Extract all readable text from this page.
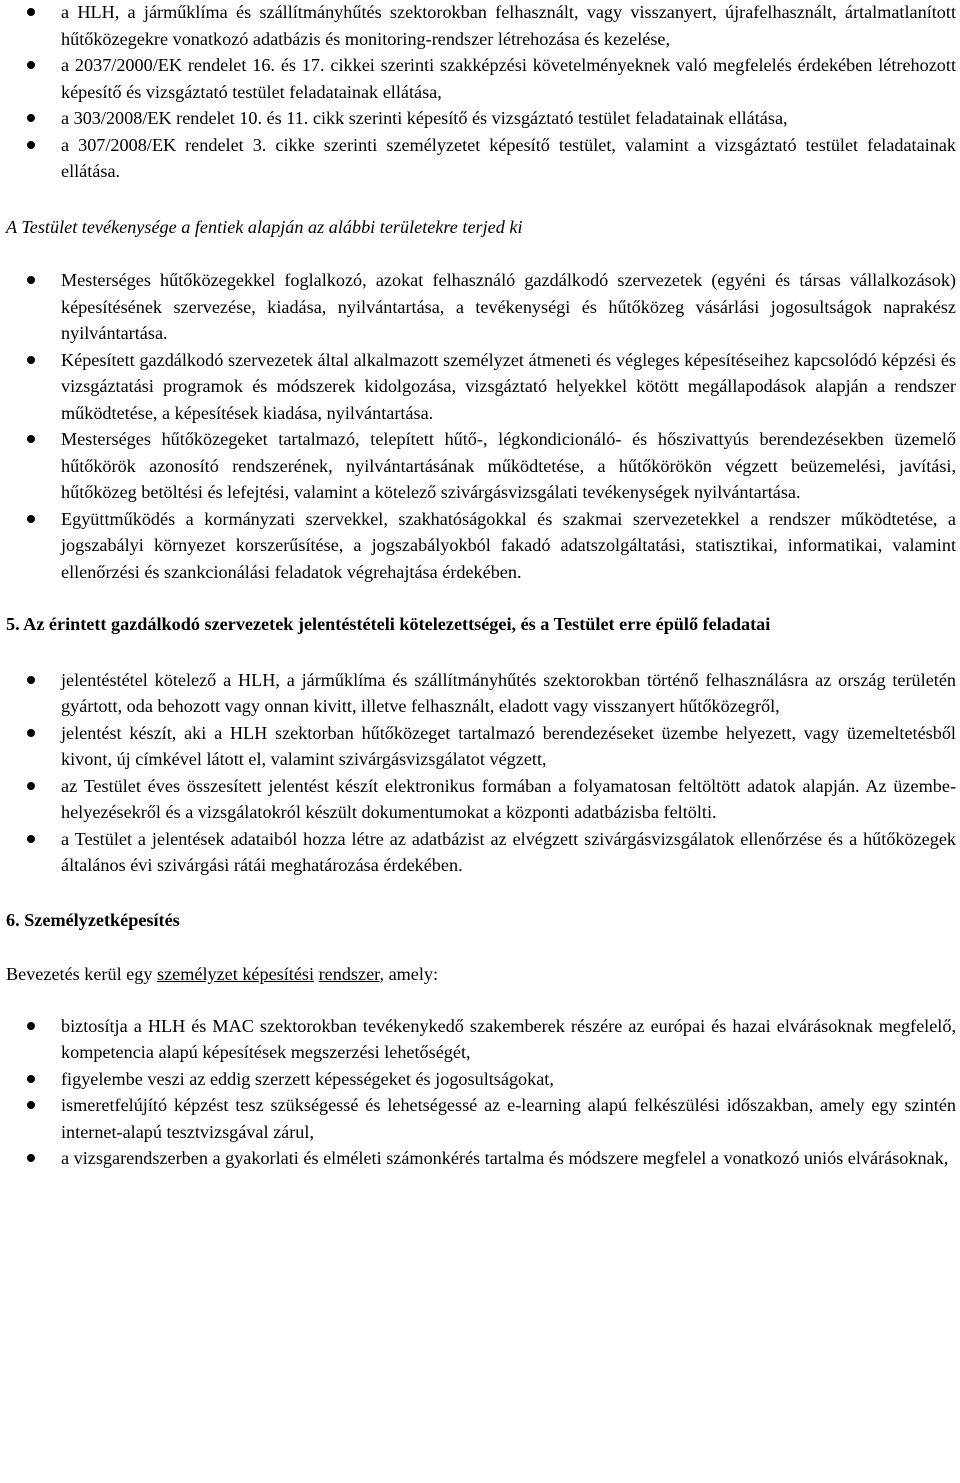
a HLH, a járműklíma és szállítmányhűtés szektorokban felhasznált, vagy visszanyert, újrafelhasznált, ártalmatlanított hűtőközegekre vonatkozó adatbázis és monitoring-rendszer létrehozása és kezelése,
a 2037/2000/EK rendelet 16. és 17. cikkei szerinti szakképzési követelményeknek való megfelelés érdekében létrehozott képesítő és vizsgáztató testület feladatainak ellátása,
a 303/2008/EK rendelet 10. és 11. cikk szerinti képesítő és vizsgáztató testület feladatainak ellátása,
a 307/2008/EK rendelet 3. cikke szerinti személyzetet képesítő testület, valamint a vizsgáztató testület feladatainak ellátása.

A Testület tevékenysége a fentiek alapján az alábbi területekre terjed ki

Mesterséges hűtőközegekkel foglalkozó, azokat felhasználó gazdálkodó szervezetek (egyéni és társas vállalkozások) képesítésének szervezése, kiadása, nyilvántartása, a tevékenységi és hűtőközeg vásárlási jogosultságok naprakész nyilvántartása.
Képesített gazdálkodó szervezetek által alkalmazott személyzet átmeneti és végleges képesítéseihez kapcsolódó képzési és vizsgáztatási programok és módszerek kidolgozása, vizsgáztató helyekkel kötött megállapodások alapján a rendszer működtetése, a képesítések kiadása, nyilvántartása.
Mesterséges hűtőközegeket tartalmazó, telepített hűtő-, légkondicionáló- és hőszivattyús berendezésekben üzemelő hűtőkörök azonosító rendszerének, nyilvántartásának működtetése, a hűtőkörökön végzett beüzemelési, javítási, hűtőközeg betöltési és lefejtési, valamint a kötelező szivárgásvizsgálati tevékenységek nyilvántartása.
Együttműködés a kormányzati szervekkel, szakhatóságokkal és szakmai szervezetekkel a rendszer működtetése, a jogszabályi környezet korszerűsítése, a jogszabályokból fakadó adatszolgáltatási, statisztikai, informatikai, valamint ellenőrzési és szankcionálási feladatok végrehajtása érdekében.

5. Az érintett gazdálkodó szervezetek jelentéstételi kötelezettségei, és a Testület erre épülő feladatai

jelentéstétel kötelező a HLH, a járműklíma és szállítmányhűtés szektorokban történő felhasználásra az ország területén gyártott, oda behozott vagy onnan kivitt, illetve felhasznált, eladott vagy visszanyert hűtőközegről,
jelentést készít, aki a HLH szektorban hűtőközeget tartalmazó berendezéseket üzembe helyezett, vagy üzemeltetésből kivont, új címkével látott el, valamint szivárgásvizsgálatot végzett,
az Testület éves összesített jelentést készít elektronikus formában a folyamatosan feltöltött adatok alapján. Az üzembe-helyezésekről és a vizsgálatokról készült dokumentumokat a központi adatbázisba feltölti.
a Testület a jelentések adataiból hozza létre az adatbázist az elvégzett szivárgásvizsgálatok ellenőrzése és a hűtőközegek általános évi szivárgási rátái meghatározása érdekében.

6. Személyzetképesítés

Bevezetés kerül egy személyzet képesítési rendszer, amely:

biztosítja a HLH és MAC szektorokban tevékenykedő szakemberek részére az európai és hazai elvárásoknak megfelelő, kompetencia alapú képesítések megszerzési lehetőségét,
figyelembe veszi az eddig szerzett képességeket és jogosultságokat,
ismeretfelújító képzést tesz szükségessé és lehetségessé az e-learning alapú felkészülési időszakban, amely egy szintén internet-alapú tesztvizsgával zárul,
a vizsgarendszerben a gyakorlati és elméleti számonkérés tartalma és módszere megfelel a vonatkozó uniós elvárásoknak,
